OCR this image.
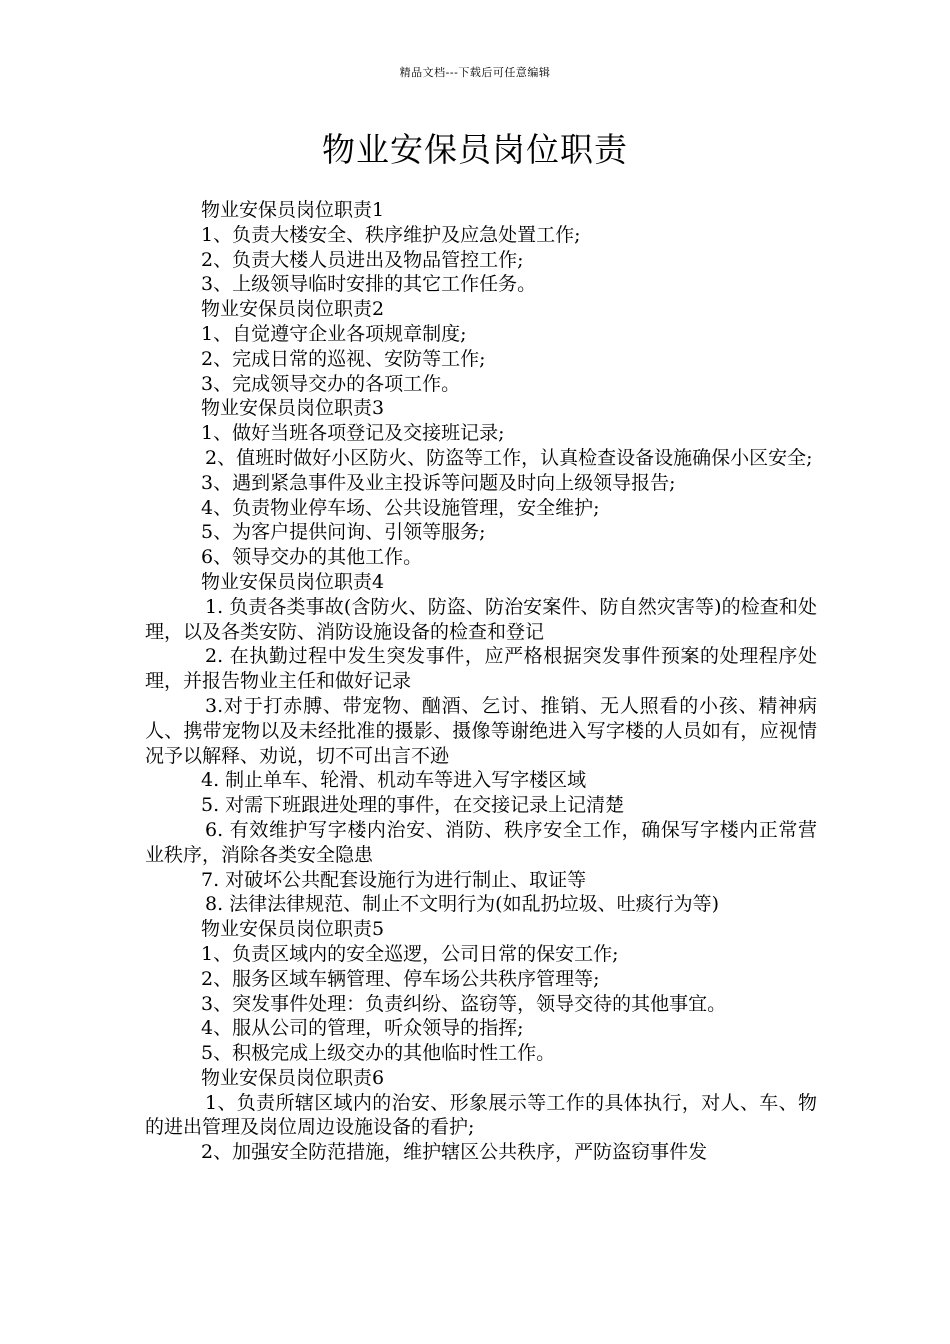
精品文档---下载后可任意编辑
物业安保员岗位职责
物业安保员岗位职责1
1、负责大楼安全、秩序维护及应急处置工作;
2、负责大楼人员进出及物品管控工作;
3、上级领导临时安排的其它工作任务。
物业安保员岗位职责2
1、自觉遵守企业各项规章制度;
2、完成日常的巡视、安防等工作;
3、完成领导交办的各项工作。
物业安保员岗位职责3
1、做好当班各项登记及交接班记录;
2、值班时做好小区防火、防盗等工作，认真检查设备设施确保小区安全;
3、遇到紧急事件及业主投诉等问题及时向上级领导报告;
4、负责物业停车场、公共设施管理，安全维护;
5、为客户提供问询、引领等服务;
6、领导交办的其他工作。
物业安保员岗位职责4
1. 负责各类事故(含防火、防盗、防治安案件、防自然灾害等)的检查和处理，以及各类安防、消防设施设备的检查和登记
2. 在执勤过程中发生突发事件，应严格根据突发事件预案的处理程序处理，并报告物业主任和做好记录
3.对于打赤膊、带宠物、酗酒、乞讨、推销、无人照看的小孩、精神病人、携带宠物以及未经批准的摄影、摄像等谢绝进入写字楼的人员如有，应视情况予以解释、劝说，切不可出言不逊
4. 制止单车、轮滑、机动车等进入写字楼区域
5. 对需下班跟进处理的事件，在交接记录上记清楚
6. 有效维护写字楼内治安、消防、秩序安全工作，确保写字楼内正常营业秩序，消除各类安全隐患
7. 对破坏公共配套设施行为进行制止、取证等
8. 法律法律规范、制止不文明行为(如乱扔垃圾、吐痰行为等)
物业安保员岗位职责5
1、负责区域内的安全巡逻，公司日常的保安工作;
2、服务区域车辆管理、停车场公共秩序管理等;
3、突发事件处理：负责纠纷、盗窃等，领导交待的其他事宜。
4、服从公司的管理，听众领导的指挥;
5、积极完成上级交办的其他临时性工作。
物业安保员岗位职责6
1、负责所辖区域内的治安、形象展示等工作的具体执行，对人、车、物的进出管理及岗位周边设施设备的看护;
2、加强安全防范措施，维护辖区公共秩序，严防盗窃事件发
